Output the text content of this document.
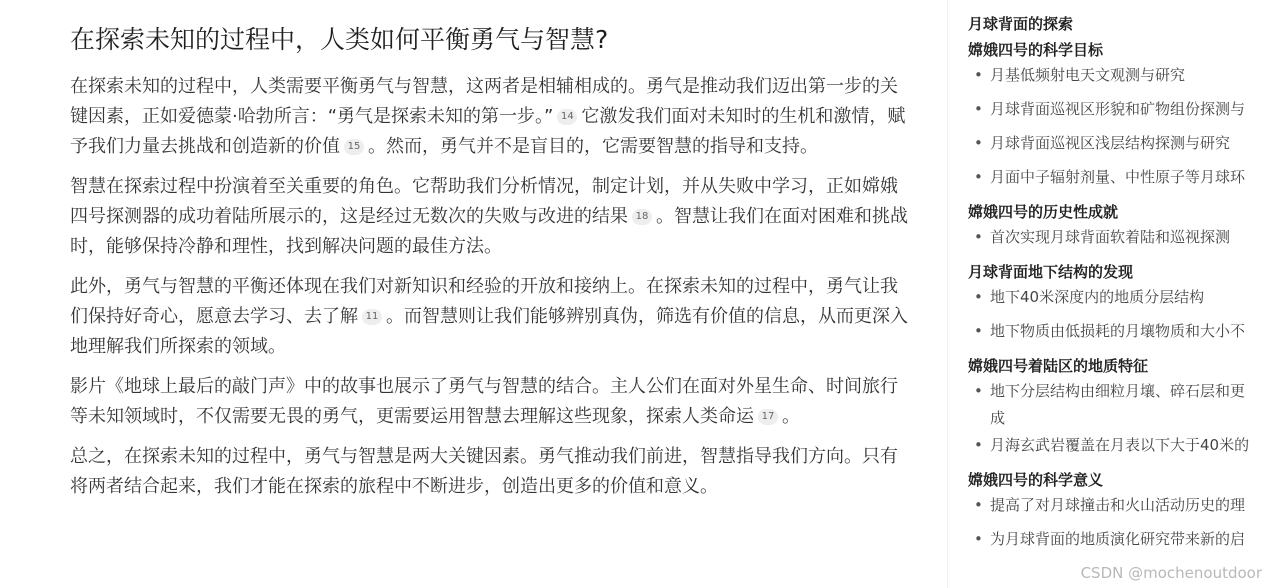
在探索未知的过程中，人类如何平衡勇气与智慧?

在探索未知的过程中，人类需要平衡勇气与智慧，这两者是相辅相成的。勇气是推动我们迈出第一步的关键因素，正如爱德蒙·哈勃所言：“勇气是探索未知的第一步。” 14 它激发我们面对未知时的生机和激情，赋予我们力量去挑战和创造新的价值 15 。然而，勇气并不是盲目的，它需要智慧的指导和支持。

智慧在探索过程中扮演着至关重要的角色。它帮助我们分析情况，制定计划，并从失败中学习，正如嫦娥四号探测器的成功着陆所展示的，这是经过无数次的失败与改进的结果 18 。智慧让我们在面对困难和挑战时，能够保持冷静和理性，找到解决问题的最佳方法。

此外，勇气与智慧的平衡还体现在我们对新知识和经验的开放和接纳上。在探索未知的过程中，勇气让我们保持好奇心，愿意去学习、去了解 11 。而智慧则让我们能够辨别真伪，筛选有价值的信息，从而更深入地理解我们所探索的领域。

影片《地球上最后的敲门声》中的故事也展示了勇气与智慧的结合。主人公们在面对外星生命、时间旅行等未知领域时，不仅需要无畏的勇气，更需要运用智慧去理解这些现象，探索人类命运 17 。

总之，在探索未知的过程中，勇气与智慧是两大关键因素。勇气推动我们前进，智慧指导我们方向。只有将两者结合起来，我们才能在探索的旅程中不断进步，创造出更多的价值和意义。

月球背面的探索
嫦娥四号的科学目标
• 月基低频射电天文观测与研究
• 月球背面巡视区形貌和矿物组份探测与
• 月球背面巡视区浅层结构探测与研究
• 月面中子辐射剂量、中性原子等月球环
嫦娥四号的历史性成就
• 首次实现月球背面软着陆和巡视探测
月球背面地下结构的发现
• 地下40米深度内的地质分层结构
• 地下物质由低损耗的月壤物质和大小不
嫦娥四号着陆区的地质特征
• 地下分层结构由细粒月壤、碎石层和更
成
• 月海玄武岩覆盖在月表以下大于40米的
嫦娥四号的科学意义
• 提高了对月球撞击和火山活动历史的理
• 为月球背面的地质演化研究带来新的启
CSDN @mochenoutdoor
